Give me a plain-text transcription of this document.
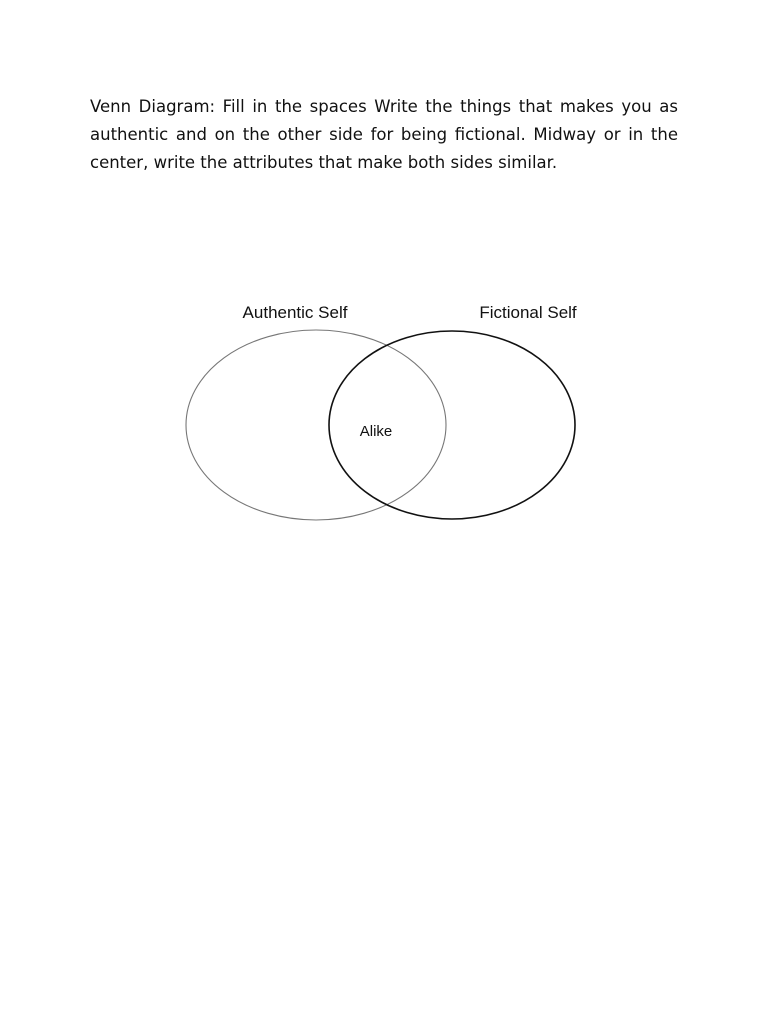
Venn Diagram: Fill in the spaces Write the things that makes you as authentic and on the other side for being fictional. Midway or in the center, write the attributes that make both sides similar.

Authentic Self	Fictional Self
Alike
